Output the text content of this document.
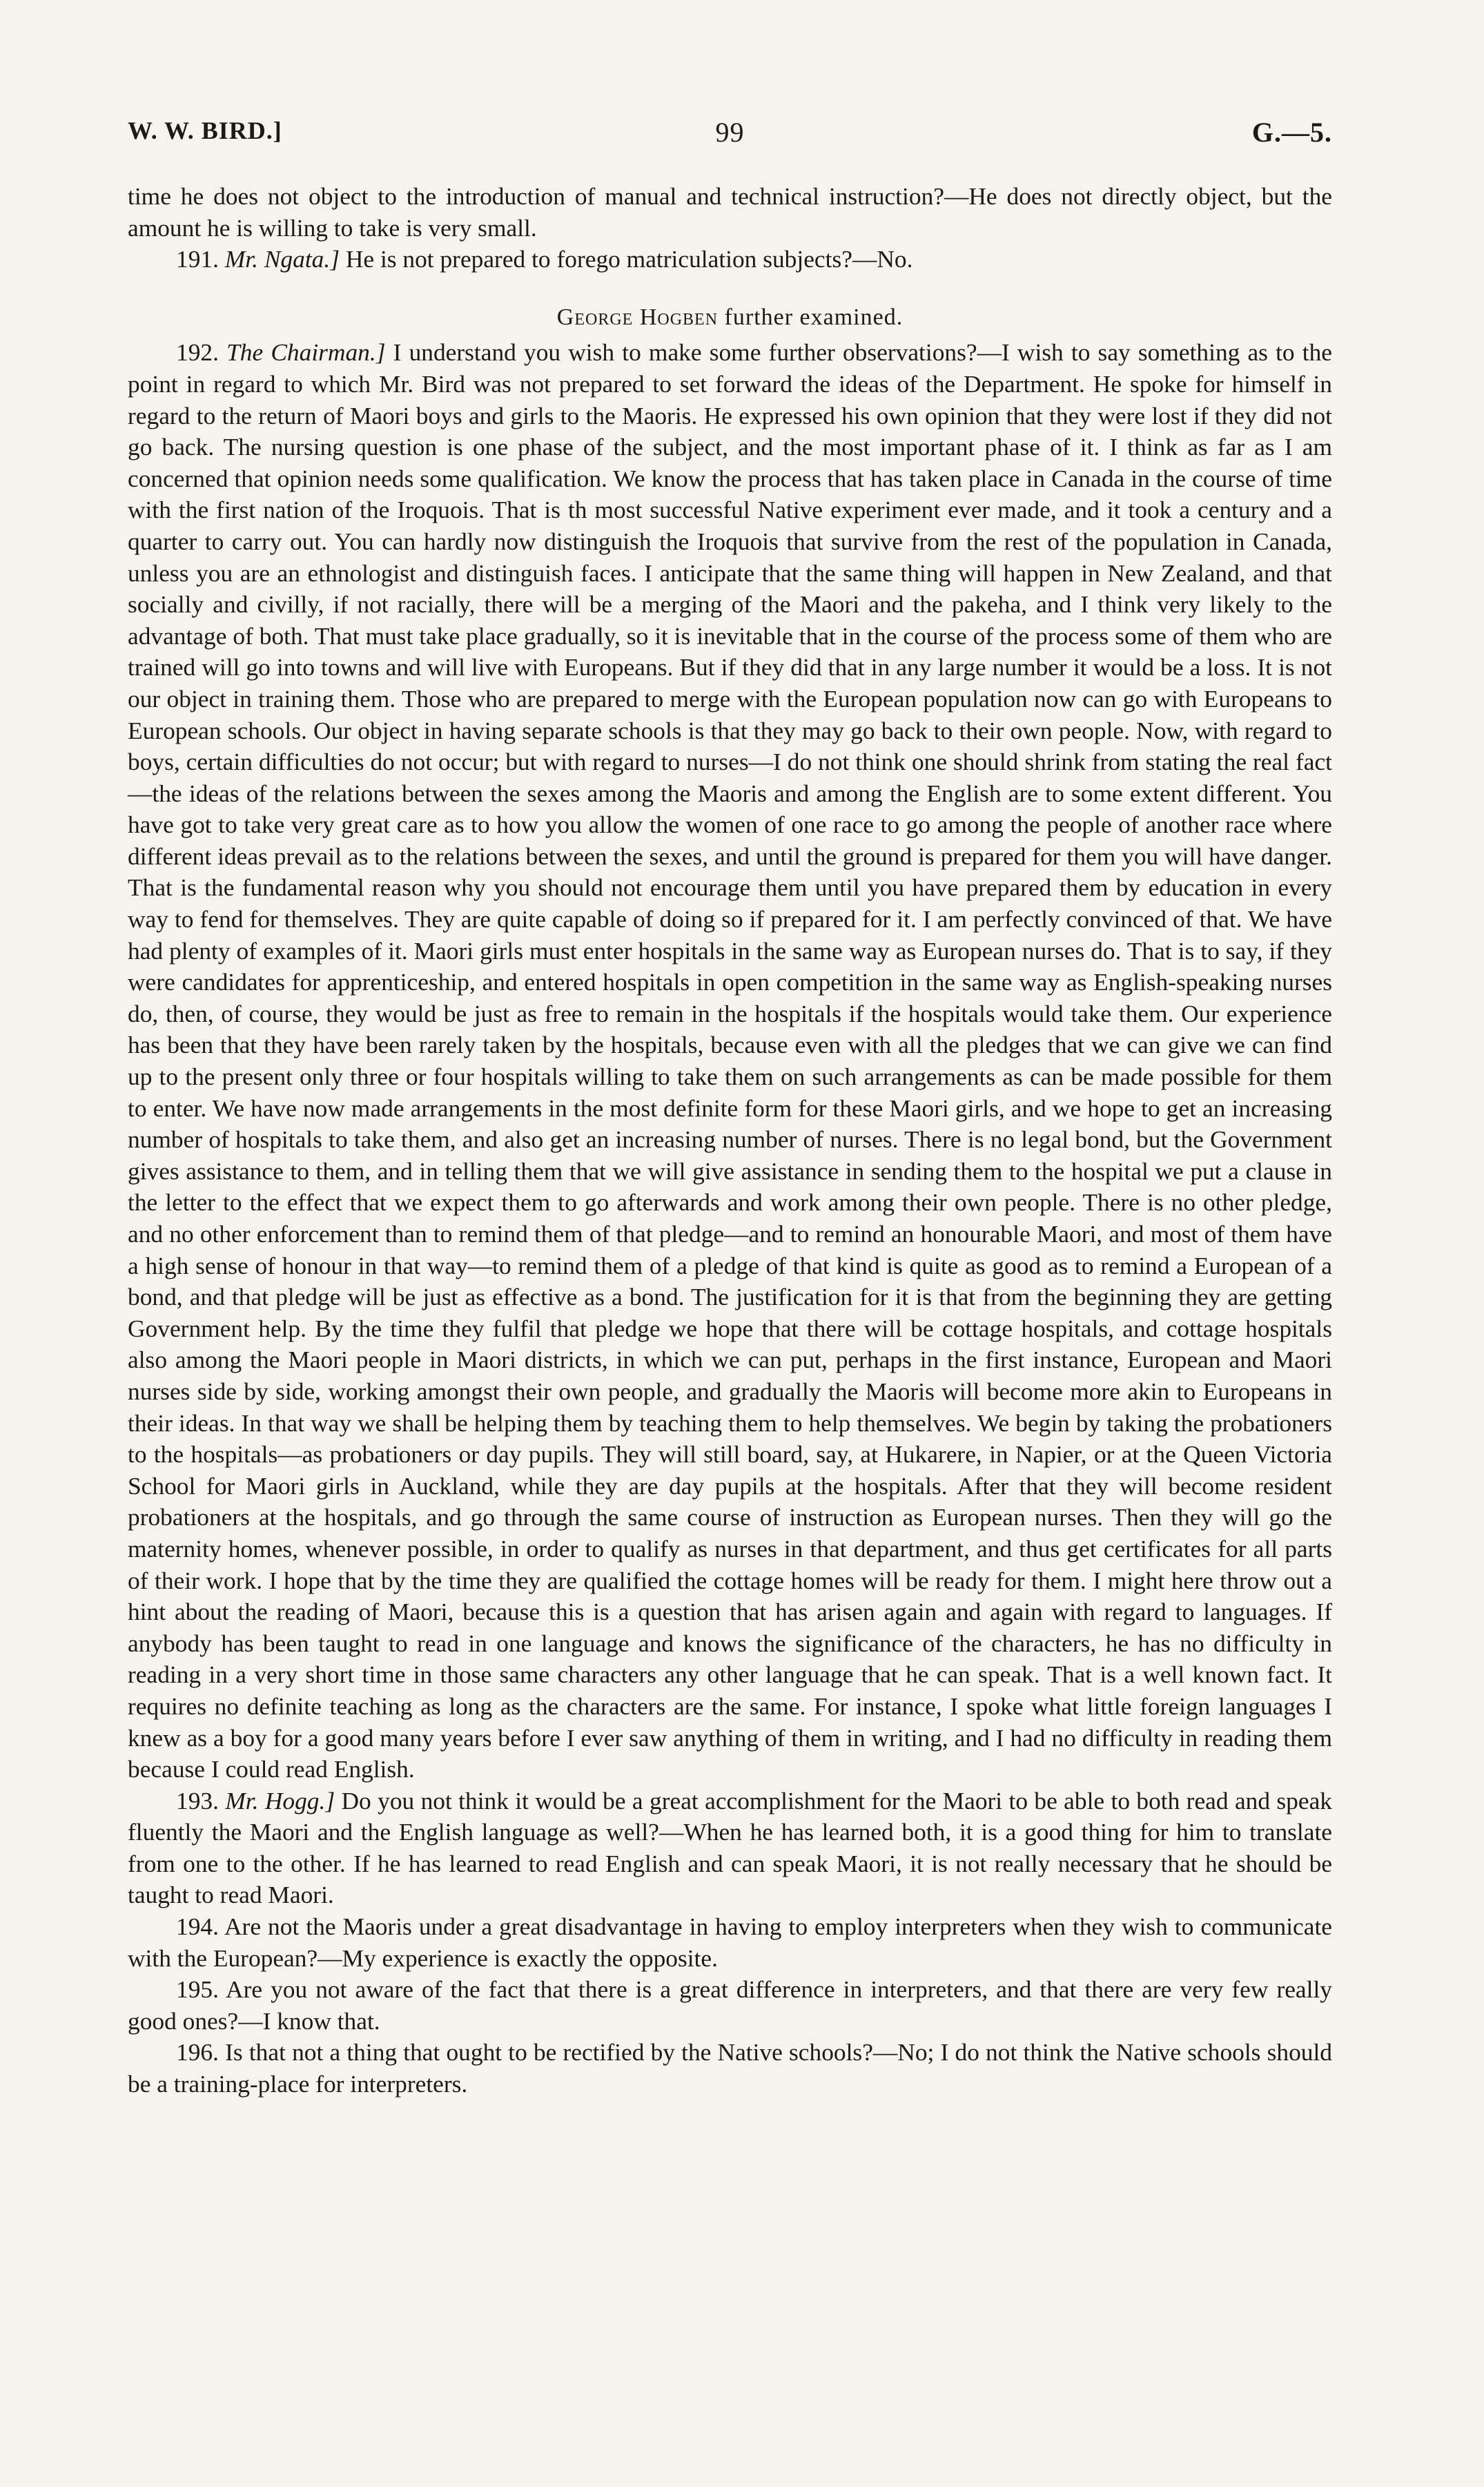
W. W. BIRD.]	99	G.—5.

time he does not object to the introduction of manual and technical instruction?—He does not directly object, but the amount he is willing to take is very small.

191. Mr. Ngata.] He is not prepared to forego matriculation subjects?—No.

George Hogben further examined.

192. The Chairman.] I understand you wish to make some further observations?—I wish to say something as to the point in regard to which Mr. Bird was not prepared to set forward the ideas of the Department. He spoke for himself in regard to the return of Maori boys and girls to the Maoris. He expressed his own opinion that they were lost if they did not go back. The nursing question is one phase of the subject, and the most important phase of it. I think as far as I am concerned that opinion needs some qualification. We know the process that has taken place in Canada in the course of time with the first nation of the Iroquois. That is th most successful Native experiment ever made, and it took a century and a quarter to carry out. You can hardly now distinguish the Iroquois that survive from the rest of the population in Canada, unless you are an ethnologist and distinguish faces. I anticipate that the same thing will happen in New Zealand, and that socially and civilly, if not racially, there will be a merging of the Maori and the pakeha, and I think very likely to the advantage of both. That must take place gradually, so it is inevitable that in the course of the process some of them who are trained will go into towns and will live with Europeans. But if they did that in any large number it would be a loss. It is not our object in training them. Those who are prepared to merge with the European population now can go with Europeans to European schools. Our object in having separate schools is that they may go back to their own people. Now, with regard to boys, certain difficulties do not occur; but with regard to nurses—I do not think one should shrink from stating the real fact—the ideas of the relations between the sexes among the Maoris and among the English are to some extent different. You have got to take very great care as to how you allow the women of one race to go among the people of another race where different ideas prevail as to the relations between the sexes, and until the ground is prepared for them you will have danger. That is the fundamental reason why you should not encourage them until you have prepared them by education in every way to fend for themselves. They are quite capable of doing so if prepared for it. I am perfectly convinced of that. We have had plenty of examples of it. Maori girls must enter hospitals in the same way as European nurses do. That is to say, if they were candidates for apprenticeship, and entered hospitals in open competition in the same way as English-speaking nurses do, then, of course, they would be just as free to remain in the hospitals if the hospitals would take them. Our experience has been that they have been rarely taken by the hospitals, because even with all the pledges that we can give we can find up to the present only three or four hospitals willing to take them on such arrangements as can be made possible for them to enter. We have now made arrangements in the most definite form for these Maori girls, and we hope to get an increasing number of hospitals to take them, and also get an increasing number of nurses. There is no legal bond, but the Government gives assistance to them, and in telling them that we will give assistance in sending them to the hospital we put a clause in the letter to the effect that we expect them to go afterwards and work among their own people. There is no other pledge, and no other enforcement than to remind them of that pledge—and to remind an honourable Maori, and most of them have a high sense of honour in that way—to remind them of a pledge of that kind is quite as good as to remind a European of a bond, and that pledge will be just as effective as a bond. The justification for it is that from the beginning they are getting Government help. By the time they fulfil that pledge we hope that there will be cottage hospitals, and cottage hospitals also among the Maori people in Maori districts, in which we can put, perhaps in the first instance, European and Maori nurses side by side, working amongst their own people, and gradually the Maoris will become more akin to Europeans in their ideas. In that way we shall be helping them by teaching them to help themselves. We begin by taking the probationers to the hospitals—as probationers or day pupils. They will still board, say, at Hukarere, in Napier, or at the Queen Victoria School for Maori girls in Auckland, while they are day pupils at the hospitals. After that they will become resident probationers at the hospitals, and go through the same course of instruction as European nurses. Then they will go the maternity homes, whenever possible, in order to qualify as nurses in that department, and thus get certificates for all parts of their work. I hope that by the time they are qualified the cottage homes will be ready for them. I might here throw out a hint about the reading of Maori, because this is a question that has arisen again and again with regard to languages. If anybody has been taught to read in one language and knows the significance of the characters, he has no difficulty in reading in a very short time in those same characters any other language that he can speak. That is a well known fact. It requires no definite teaching as long as the characters are the same. For instance, I spoke what little foreign languages I knew as a boy for a good many years before I ever saw anything of them in writing, and I had no difficulty in reading them because I could read English.

193. Mr. Hogg.] Do you not think it would be a great accomplishment for the Maori to be able to both read and speak fluently the Maori and the English language as well?—When he has learned both, it is a good thing for him to translate from one to the other. If he has learned to read English and can speak Maori, it is not really necessary that he should be taught to read Maori.

194. Are not the Maoris under a great disadvantage in having to employ interpreters when they wish to communicate with the European?—My experience is exactly the opposite.

195. Are you not aware of the fact that there is a great difference in interpreters, and that there are very few really good ones?—I know that.

196. Is that not a thing that ought to be rectified by the Native schools?—No; I do not think the Native schools should be a training-place for interpreters.
